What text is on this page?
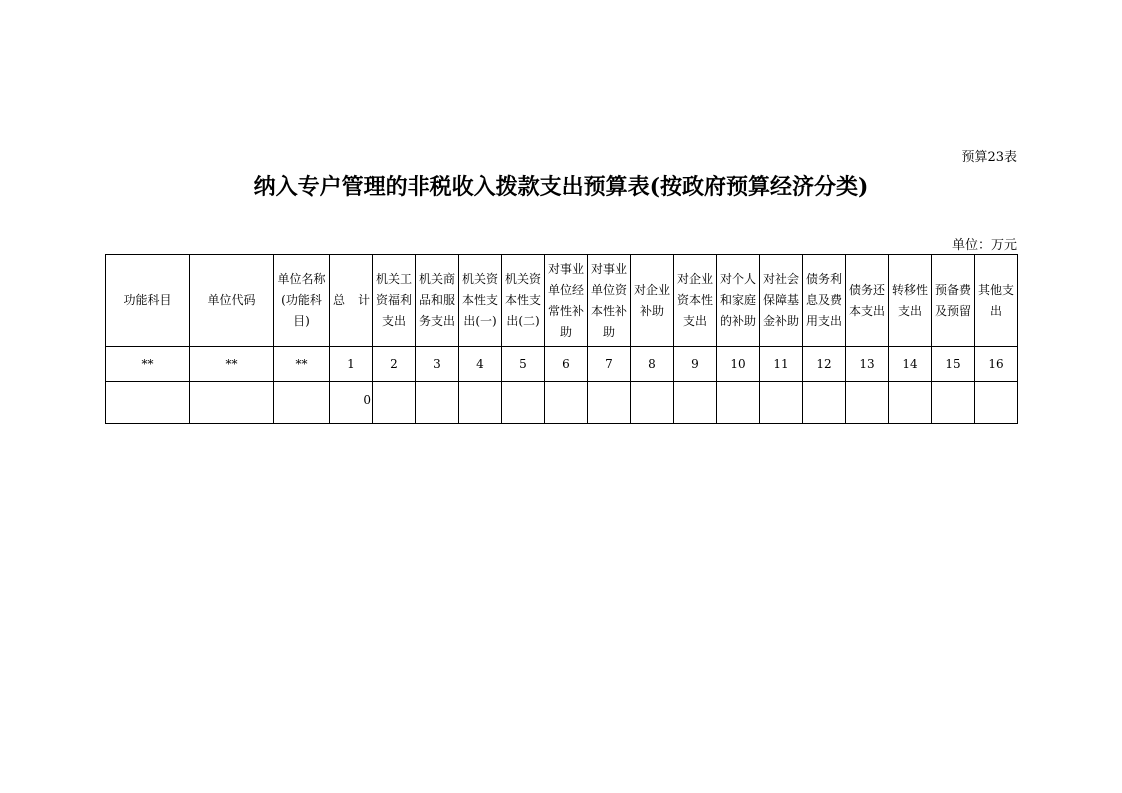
预算23表
纳入专户管理的非税收入拨款支出预算表(按政府预算经济分类)
单位：万元
功能科目	单位代码	单位名称(功能科目)	总 计	机关工资福利支出	机关商品和服务支出	机关资本性支出(一)	机关资本性支出(二)	对事业单位经常性补助	对事业单位资本性补助	对企业补助	对企业资本性支出	对个人和家庭的补助	对社会保障基金补助	债务利息及费用支出	债务还本支出	转移性支出	预备费及预留	其他支出

**	**	**	1	2	3	4	5	6	7	8	9	10	11	12	13	14	15	16
			0															
